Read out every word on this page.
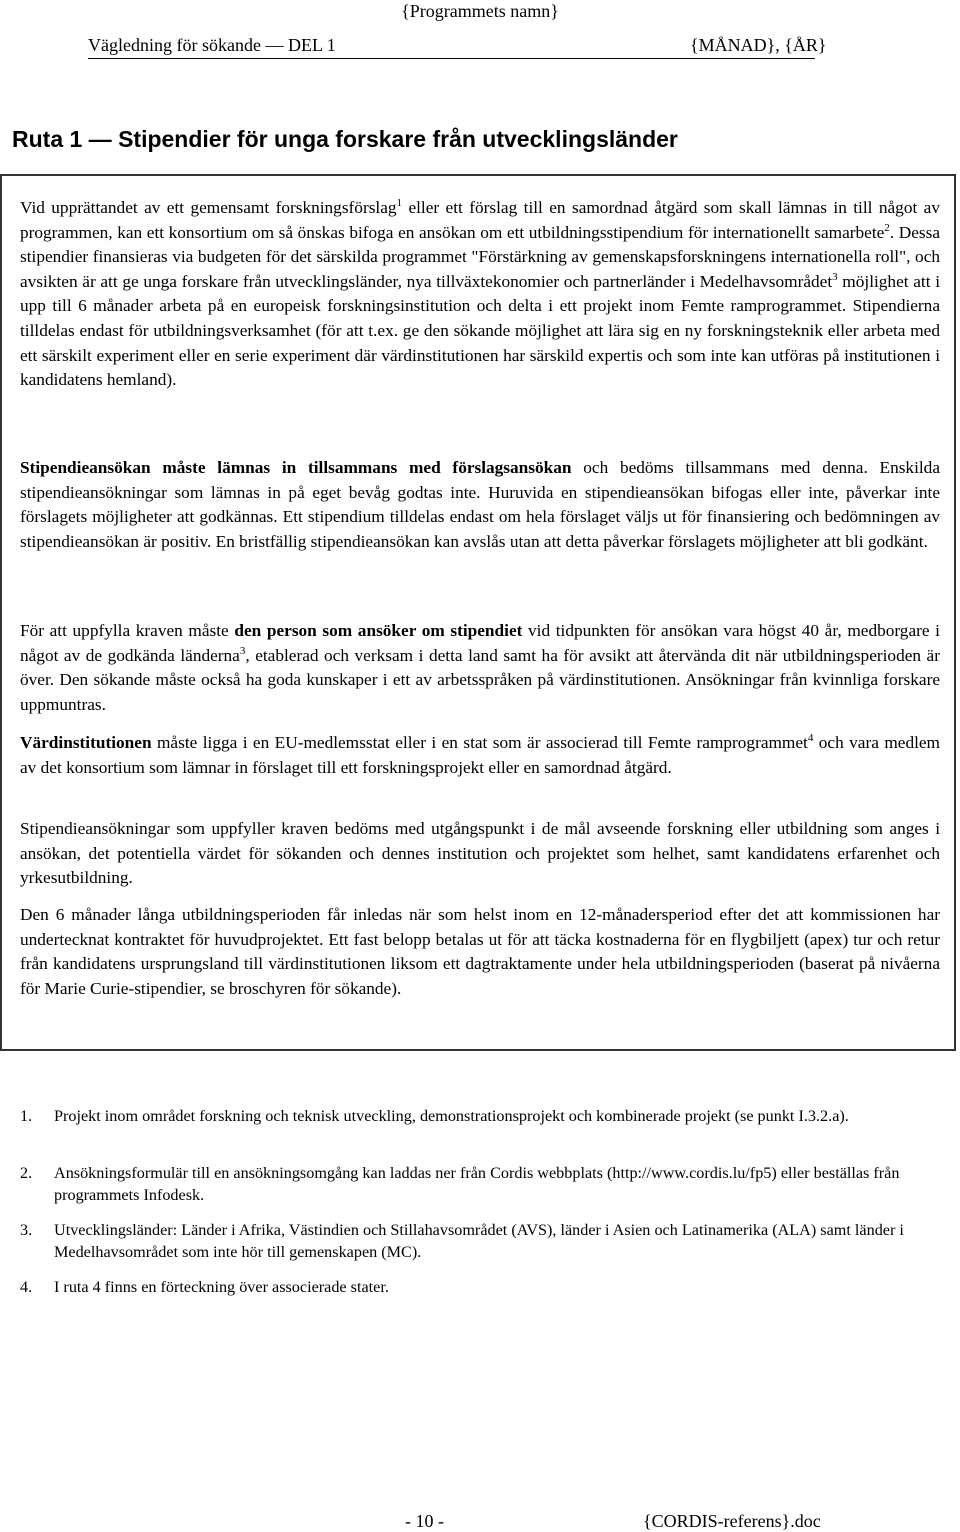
{Programmets namn}
Vägledning för sökande — DEL 1	{MÅNAD}, {ÅR}
Ruta 1 — Stipendier för unga forskare från utvecklingsländer

Vid upprättandet av ett gemensamt forskningsförslag$^1$ eller ett förslag till en samordnad åtgärd som skall lämnas in till något av programmen, kan ett konsortium om så önskas bifoga en ansökan om ett utbildningsstipendium för internationellt samarbete$^2$. Dessa stipendier finansieras via budgeten för det särskilda programmet "Förstärkning av gemenskapsforskningens internationella roll", och avsikten är att ge unga forskare från utvecklingsländer, nya tillväxtekonomier och partnerländer i Medelhavsområdet$^3$ möjlighet att i upp till 6 månader arbeta på en europeisk forskningsinstitution och delta i ett projekt inom Femte ramprogrammet. Stipendierna tilldelas endast för utbildningsverksamhet (för att t.ex. ge den sökande möjlighet att lära sig en ny forskningsteknik eller arbeta med ett särskilt experiment eller en serie experiment där värdinstitutionen har särskild expertis och som inte kan utföras på institutionen i kandidatens hemland).

Stipendieansökan måste lämnas in tillsammans med förslagsansökan och bedöms tillsammans med denna. Enskilda stipendieansökningar som lämnas in på eget bevåg godtas inte. Huruvida en stipendieansökan bifogas eller inte, påverkar inte förslagets möjligheter att godkännas. Ett stipendium tilldelas endast om hela förslaget väljs ut för finansiering och bedömningen av stipendieansökan är positiv. En bristfällig stipendieansökan kan avslås utan att detta påverkar förslagets möjligheter att bli godkänt.

För att uppfylla kraven måste den person som ansöker om stipendiet vid tidpunkten för ansökan vara högst 40 år, medborgare i något av de godkända länderna$^3$, etablerad och verksam i detta land samt ha för avsikt att återvända dit när utbildningsperioden är över. Den sökande måste också ha goda kunskaper i ett av arbetsspråken på värdinstitutionen. Ansökningar från kvinnliga forskare uppmuntras.

Värdinstitutionen måste ligga i en EU-medlemsstat eller i en stat som är associerad till Femte ramprogrammet$^4$ och vara medlem av det konsortium som lämnar in förslaget till ett forskningsprojekt eller en samordnad åtgärd.

Stipendieansökningar som uppfyller kraven bedöms med utgångspunkt i de mål avseende forskning eller utbildning som anges i ansökan, det potentiella värdet för sökanden och dennes institution och projektet som helhet, samt kandidatens erfarenhet och yrkesutbildning.

Den 6 månader långa utbildningsperioden får inledas när som helst inom en 12-månadersperiod efter det att kommissionen har undertecknat kontraktet för huvudprojektet. Ett fast belopp betalas ut för att täcka kostnaderna för en flygbiljett (apex) tur och retur från kandidatens ursprungsland till värdinstitutionen liksom ett dagtraktamente under hela utbildningsperioden (baserat på nivåerna för Marie Curie-stipendier, se broschyren för sökande).

1.	Projekt inom området forskning och teknisk utveckling, demonstrationsprojekt och kombinerade projekt (se punkt I.3.2.a).
2.	Ansökningsformulär till en ansökningsomgång kan laddas ner från Cordis webbplats (http://www.cordis.lu/fp5) eller beställas från programmets Infodesk.
3.	Utvecklingsländer: Länder i Afrika, Västindien och Stillahavsområdet (AVS), länder i Asien och Latinamerika (ALA) samt länder i Medelhavsområdet som inte hör till gemenskapen (MC).
4.	I ruta 4 finns en förteckning över associerade stater.
- 10 -	{CORDIS-referens}.doc
